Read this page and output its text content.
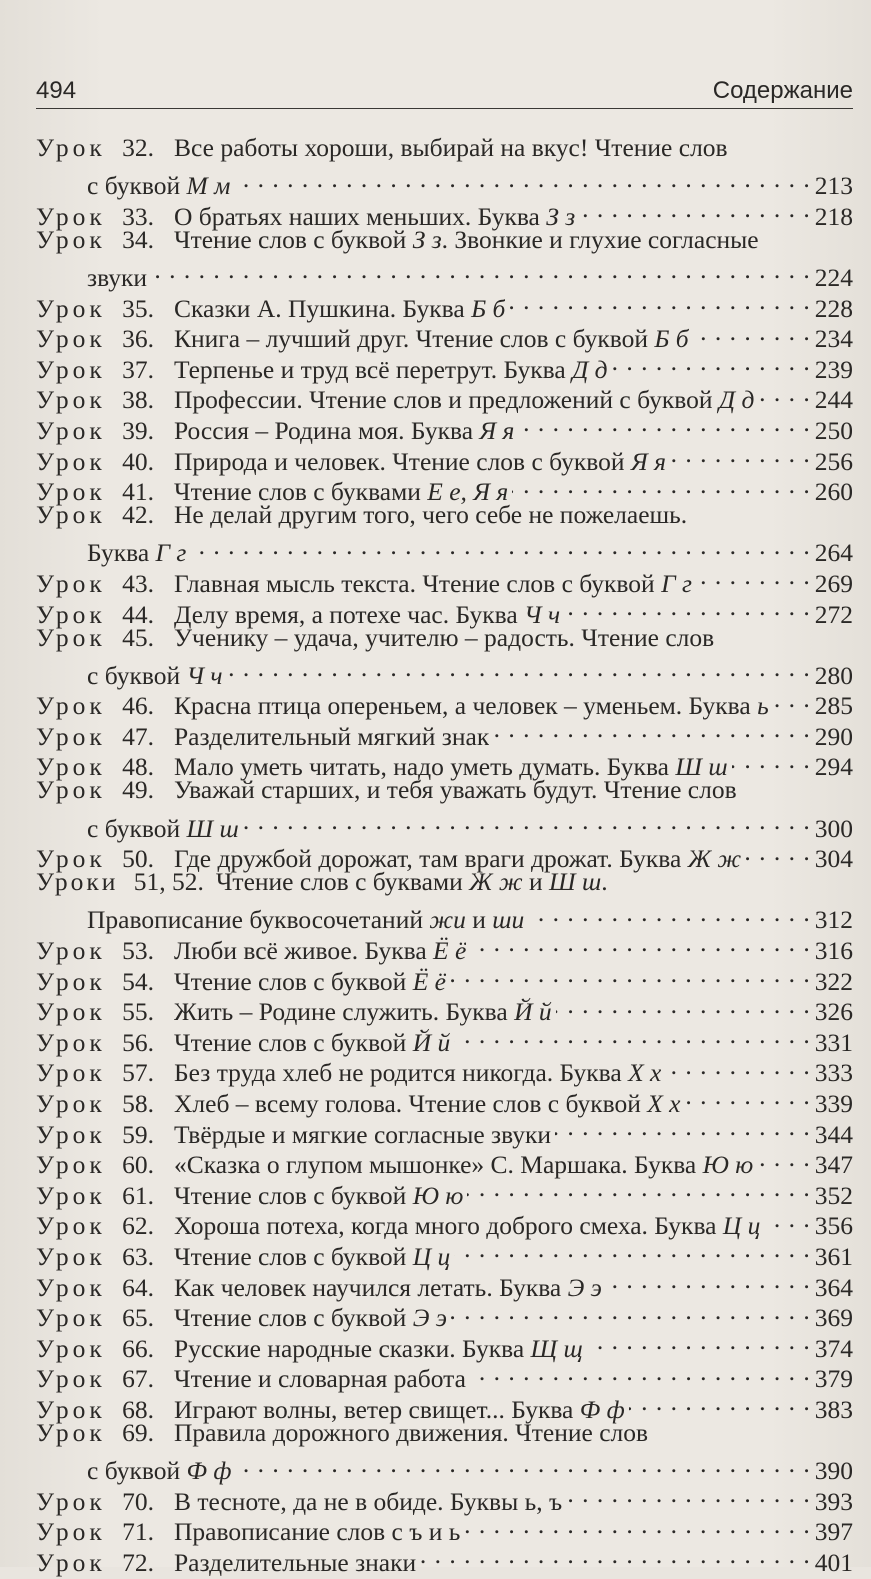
494	Содержание
Урок 32. Все работы хороши, выбирай на вкус! Чтение слов
с буквой М м . . .	213
Урок 33. О братьях наших меньших. Буква З з . . .	218
Урок 34. Чтение слов с буквой З з. Звонкие и глухие согласные
звуки . . .	224
Урок 35. Сказки А. Пушкина. Буква Б б . . .	228
Урок 36. Книга – лучший друг. Чтение слов с буквой Б б . . .	234
Урок 37. Терпенье и труд всё перетрут. Буква Д д . . .	239
Урок 38. Профессии. Чтение слов и предложений с буквой Д д . . . 244
Урок 39. Россия – Родина моя. Буква Я я . . .	250
Урок 40. Природа и человек. Чтение слов с буквой Я я . . .	256
Урок 41. Чтение слов с буквами Е е, Я я . . .	260
Урок 42. Не делай другим того, чего себе не пожелаешь.
Буква Г г . . .	264
Урок 43. Главная мысль текста. Чтение слов с буквой Г г . . .	269
Урок 44. Делу время, а потехе час. Буква Ч ч . . .	272
Урок 45. Ученику – удача, учителю – радость. Чтение слов
с буквой Ч ч . . .	280
Урок 46. Красна птица опереньем, а человек – уменьем. Буква ь . . . 285
Урок 47. Разделительный мягкий знак . . .	290
Урок 48. Мало уметь читать, надо уметь думать. Буква Ш ш . . .	294
Урок 49. Уважай старших, и тебя уважать будут. Чтение слов
с буквой Ш ш . . .	300
Урок 50. Где дружбой дорожат, там враги дрожат. Буква Ж ж . . .	304
Уроки 51, 52. Чтение слов с буквами Ж ж и Ш ш.
Правописание буквосочетаний жи и ши . . .	312
Урок 53. Люби всё живое. Буква Ё ё . . .	316
Урок 54. Чтение слов с буквой Ё ё . . .	322
Урок 55. Жить – Родине служить. Буква Й й . . .	326
Урок 56. Чтение слов с буквой Й й . . .	331
Урок 57. Без труда хлеб не родится никогда. Буква Х х . . .	333
Урок 58. Хлеб – всему голова. Чтение слов с буквой Х х . . .	339
Урок 59. Твёрдые и мягкие согласные звуки . . .	344
Урок 60. «Сказка о глупом мышонке» С. Маршака. Буква Ю ю . . . 347
Урок 61. Чтение слов с буквой Ю ю . . .	352
Урок 62. Хороша потеха, когда много доброго смеха. Буква Ц ц . . . 356
Урок 63. Чтение слов с буквой Ц ц . . .	361
Урок 64. Как человек научился летать. Буква Э э . . .	364
Урок 65. Чтение слов с буквой Э э . . .	369
Урок 66. Русские народные сказки. Буква Щ щ . . .	374
Урок 67. Чтение и словарная работа . . .	379
Урок 68. Играют волны, ветер свищет... Буква Ф ф . . .	383
Урок 69. Правила дорожного движения. Чтение слов
с буквой Ф ф . . .	390
Урок 70. В тесноте, да не в обиде. Буквы ь, ъ . . .	393
Урок 71. Правописание слов с ъ и ь . . .	397
Урок 72. Разделительные знаки . . .	401
